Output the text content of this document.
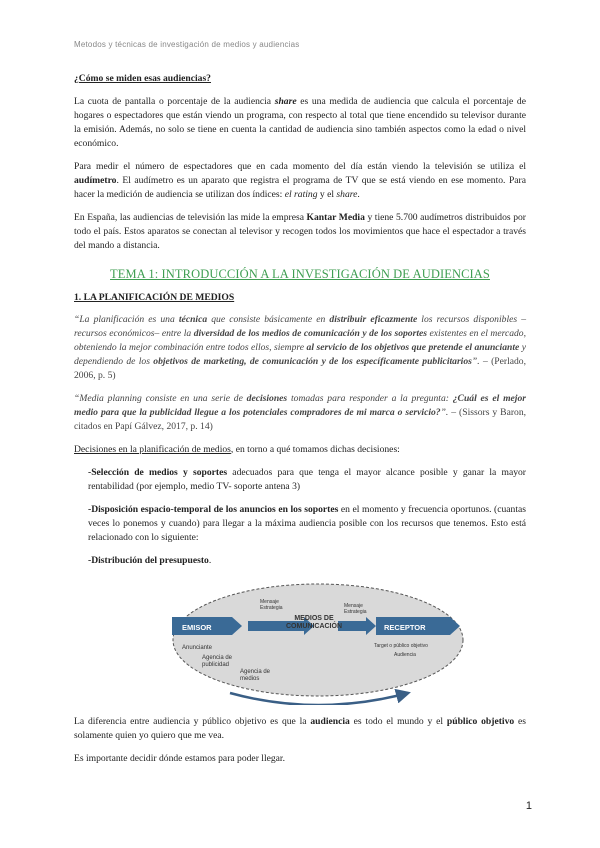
Metodos y técnicas de investigación de medios y audiencias

¿Cómo se miden esas audiencias?

La cuota de pantalla o porcentaje de la audiencia share es una medida de audiencia que calcula el porcentaje de hogares o espectadores que están viendo un programa, con respecto al total que tiene encendido su televisor durante la emisión. Además, no solo se tiene en cuenta la cantidad de audiencia sino también aspectos como la edad o nivel económico.

Para medir el número de espectadores que en cada momento del día están viendo la televisión se utiliza el audímetro. El audímetro es un aparato que registra el programa de TV que se está viendo en ese momento. Para hacer la medición de audiencia se utilizan dos índices: el rating y el share.

En España, las audiencias de televisión las mide la empresa Kantar Media y tiene 5.700 audímetros distribuidos por todo el país. Estos aparatos se conectan al televisor y recogen todos los movimientos que hace el espectador a través del mando a distancia.

TEMA 1: INTRODUCCIÓN A LA INVESTIGACIÓN DE AUDIENCIAS
1. LA PLANIFICACIÓN DE MEDIOS

“La planificación es una técnica que consiste básicamente en distribuir eficazmente los recursos disponibles –recursos económicos– entre la diversidad de los medios de comunicación y de los soportes existentes en el mercado, obteniendo la mejor combinación entre todos ellos, siempre al servicio de los objetivos que pretende el anunciante y dependiendo de los objetivos de marketing, de comunicación y de los específicamente publicitarios”. – (Perlado, 2006, p. 5)

“Media planning consiste en una serie de decisiones tomadas para responder a la pregunta: ¿Cuál es el mejor medio para que la publicidad llegue a los potenciales compradores de mi marca o servicio?”. – (Sissors y Baron, citados en Papí Gálvez, 2017, p. 14)

Decisiones en la planificación de medios, en torno a qué tomamos dichas decisiones:

-Selección de medios y soportes adecuados para que tenga el mayor alcance posible y ganar la mayor rentabilidad (por ejemplo, medio TV- soporte antena 3)

-Disposición espacio-temporal de los anuncios en los soportes en el momento y frecuencia oportunos. (cuantas veces lo ponemos y cuando) para llegar a la máxima audiencia posible con los recursos que tenemos. Esto está relacionado con lo siguiente:

-Distribución del presupuesto.

EMISOR
MEDIOS DE
COMUNICACIÓN	RECEPTOR
Mensaje
Estrategia	Mensaje
Estrategia
Anunciante
Agencia de
publicidad
Agencia de
medios
Target o público objetivo
Audiencia

La diferencia entre audiencia y público objetivo es que la audiencia es todo el mundo y el público objetivo es solamente quien yo quiero que me vea.

Es importante decidir dónde estamos para poder llegar.

1
